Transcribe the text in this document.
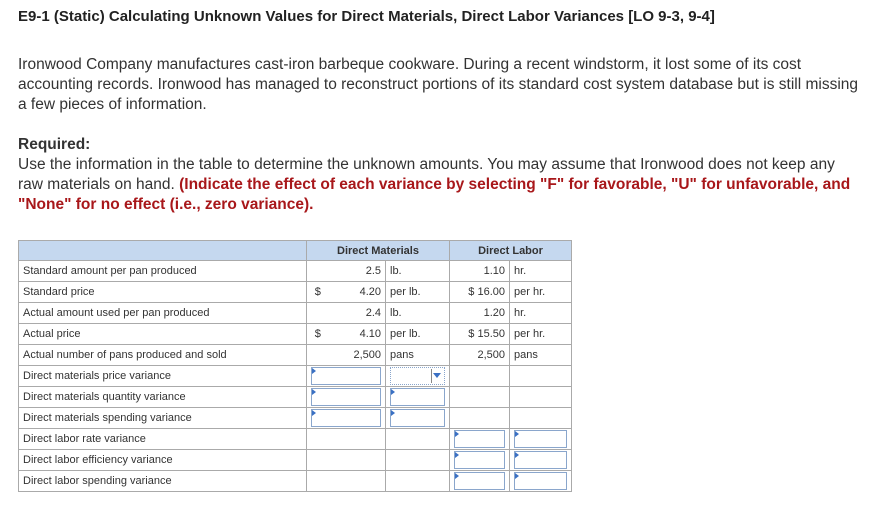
E9-1 (Static) Calculating Unknown Values for Direct Materials, Direct Labor Variances [LO 9-3, 9-4]
Ironwood Company manufactures cast-iron barbeque cookware. During a recent windstorm, it lost some of its cost accounting records. Ironwood has managed to reconstruct portions of its standard cost system database but is still missing a few pieces of information.
Required:
Use the information in the table to determine the unknown amounts. You may assume that Ironwood does not keep any raw materials on hand. (Indicate the effect of each variance by selecting "F" for favorable, "U" for unfavorable, and "None" for no effect (i.e., zero variance).
	Direct Materials			Direct Labor	
Standard amount per pan produced		2.5	lb.	1.10	hr.
Standard price	$	4.20	per lb.	$ 16.00	per hr.
Actual amount used per pan produced		2.4	lb.	1.20	hr.
Actual price	$	4.10	per lb.	$ 15.50	per hr.
Actual number of pans produced and sold		2,500	pans	2,500	pans
Direct materials price variance		

Direct materials quantity variance		

Direct materials spending variance		

Direct labor rate variance				

Direct labor efficiency variance				

Direct labor spending variance				
